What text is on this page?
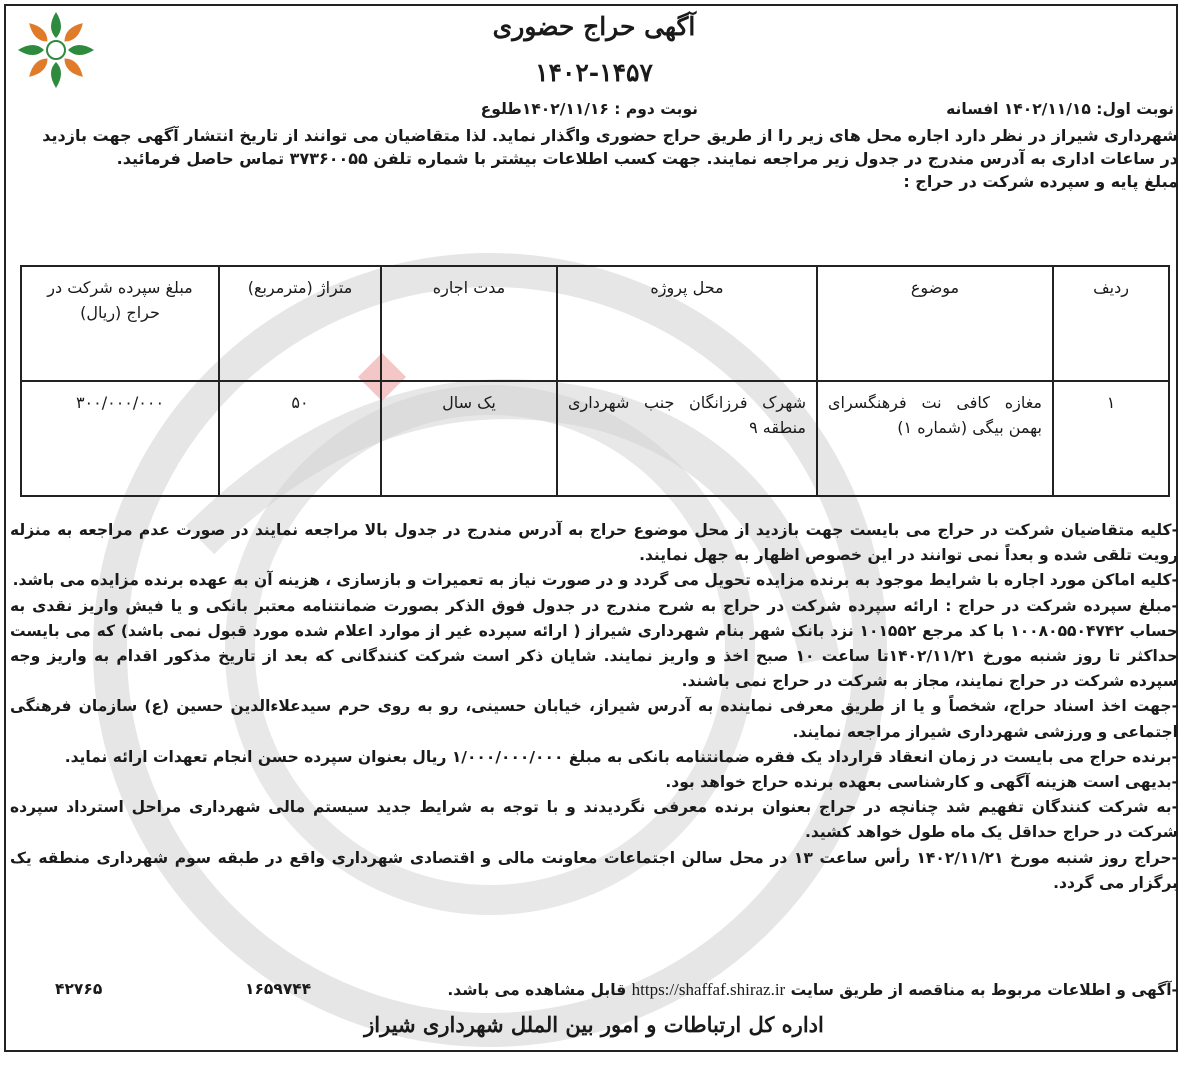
آگهی حراج حضوری
۱۴۰۲-۱۴۵۷
نوبت اول: ۱۴۰۲/۱۱/۱۵ افسانه
نوبت دوم : ۱۴۰۲/۱۱/۱۶طلوع

شهرداری شیراز در نظر دارد اجاره محل های زیر را از طریق حراج حضوری واگذار نماید. لذا متقاضیان می توانند از تاریخ انتشار آگهی جهت بازدید

در ساعات اداری به آدرس مندرج در جدول زیر مراجعه نمایند. جهت کسب اطلاعات بیشتر با شماره تلفن ۳۷۳۶۰۰۵۵ تماس حاصل فرمائید.

مبلغ پایه و سپرده شرکت در حراج :

ردیف	موضوع	محل پروژه	مدت اجاره	متراژ (مترمربع)	مبلغ سپرده شرکت در حراج (ریال)
۱	مغازه کافی نت فرهنگسرای بهمن بیگی (شماره ۱)	شهرک فرزانگان جنب شهرداری منطقه ۹	یک سال	۵۰	۳۰۰/۰۰۰/۰۰۰

-کلیه متقاضیان شرکت در حراج می بایست جهت بازدید از محل موضوع حراج به آدرس مندرج در جدول بالا مراجعه نمایند در صورت عدم مراجعه به منزله رویت تلقی شده و بعداً نمی توانند در این خصوص اظهار به جهل نمایند.

-کلیه اماکن مورد اجاره با شرایط موجود به برنده مزایده تحویل می گردد و در صورت نیاز به تعمیرات و بازسازی ، هزینه آن به عهده برنده مزایده می باشد.

-مبلغ سپرده شرکت در حراج : ارائه سپرده شرکت در حراج به شرح مندرج در جدول فوق الذکر بصورت ضمانتنامه معتبر بانکی و یا فیش واریز نقدی به حساب ۱۰۰۸۰۵۵۰۴۷۴۲ با کد مرجع ۱۰۱۵۵۲ نزد بانک شهر بنام شهرداری شیراز ( ارائه سپرده غیر از موارد اعلام شده مورد قبول نمی باشد) که می بایست حداکثر تا روز شنبه مورخ ۱۴۰۲/۱۱/۲۱تا ساعت ۱۰ صبح اخذ و واریز نمایند. شایان ذکر است شرکت کنندگانی که بعد از تاریخ مذکور اقدام به واریز وجه سپرده شرکت در حراج نمایند، مجاز به شرکت در حراج نمی باشند.

-جهت اخذ اسناد حراج، شخصاً و یا از طریق معرفی نماینده به آدرس شیراز، خیابان حسینی، رو به روی حرم سیدعلاءالدین حسین (ع) سازمان فرهنگی اجتماعی و ورزشی شهرداری شیراز مراجعه نمایند.

-برنده حراج می بایست در زمان انعقاد قرارداد یک فقره ضمانتنامه بانکی به مبلغ ۱/۰۰۰/۰۰۰/۰۰۰ ریال بعنوان سپرده حسن انجام تعهدات ارائه نماید.

-بدیهی است هزینه آگهی و کارشناسی بعهده برنده حراج خواهد بود.

-به شرکت کنندگان تفهیم شد چنانچه در حراج بعنوان برنده معرفی نگردیدند و با توجه به شرایط جدید سیستم مالی شهرداری مراحل استرداد سپرده شرکت در حراج حداقل یک ماه طول خواهد کشید.

-حراج روز شنبه مورخ ۱۴۰۲/۱۱/۲۱ رأس ساعت ۱۳ در محل سالن اجتماعات معاونت مالی و اقتصادی شهرداری واقع در طبقه سوم شهرداری منطقه یک برگزار می گردد.

-آگهی و اطلاعات مربوط به مناقصه از طریق سایت https://shaffaf.shiraz.ir قابل مشاهده می باشد.
۱۶۵۹۷۴۴
۴۲۷۶۵
اداره کل ارتباطات و امور بین الملل شهرداری شیراز
